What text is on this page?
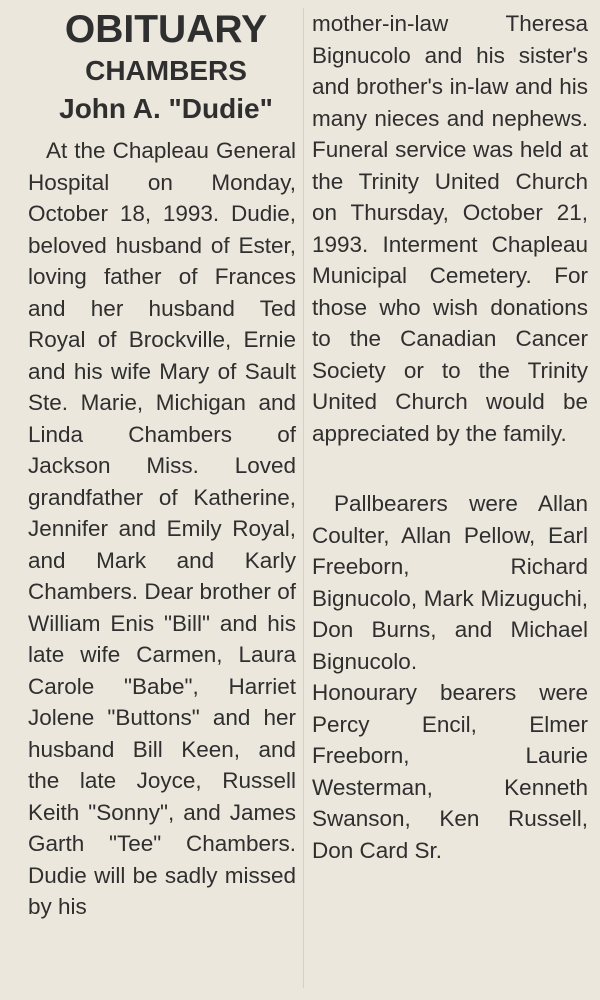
OBITUARY
CHAMBERS
John A. "Dudie"
At the Chapleau General Hospital on Monday, October 18, 1993. Dudie, beloved husband of Ester, loving father of Frances and her husband Ted Royal of Brockville, Ernie and his wife Mary of Sault Ste. Marie, Michigan and Linda Chambers of Jackson Miss. Loved grandfather of Katherine, Jennifer and Emily Royal, and Mark and Karly Chambers. Dear brother of William Enis "Bill" and his late wife Carmen, Laura Carole "Babe", Harriet Jolene "Buttons" and her husband Bill Keen, and the late Joyce, Russell Keith "Sonny", and James Garth "Tee" Chambers. Dudie will be sadly missed by his
mother-in-law Theresa Bignucolo and his sister's and brother's in-law and his many nieces and nephews. Funeral service was held at the Trinity United Church on Thursday, October 21, 1993. Interment Chapleau Municipal Cemetery. For those who wish donations to the Canadian Cancer Society or to the Trinity United Church would be appreciated by the family.
Pallbearers were Allan Coulter, Allan Pellow, Earl Freeborn, Richard Bignucolo, Mark Mizuguchi, Don Burns, and Michael Bignucolo.
Honourary bearers were Percy Encil, Elmer Freeborn, Laurie Westerman, Kenneth Swanson, Ken Russell, Don Card Sr.
